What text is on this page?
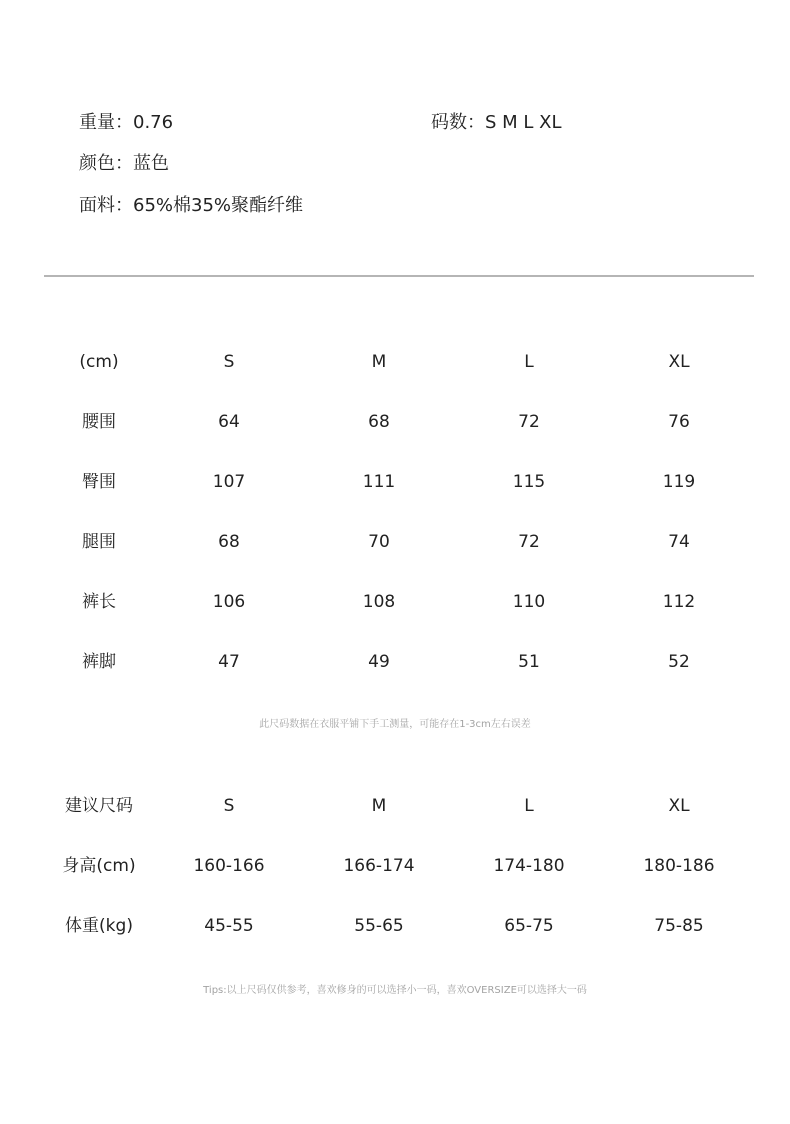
重量：0.76	码数：S M L XL
颜色：蓝色
面料：65%棉35%聚酯纤维
(cm)	S	M	L	XL
腰围	64	68	72	76
臀围	107	111	115	119
腿围	68	70	72	74
裤长	106	108	110	112
裤脚	47	49	51	52
此尺码数据在衣服平铺下手工测量，可能存在1-3cm左右误差
建议尺码	S	M	L	XL
身高(cm)	160-166	166-174	174-180	180-186
体重(kg)	45-55	55-65	65-75	75-85
Tips:以上尺码仅供参考，喜欢修身的可以选择小一码，喜欢OVERSIZE可以选择大一码
